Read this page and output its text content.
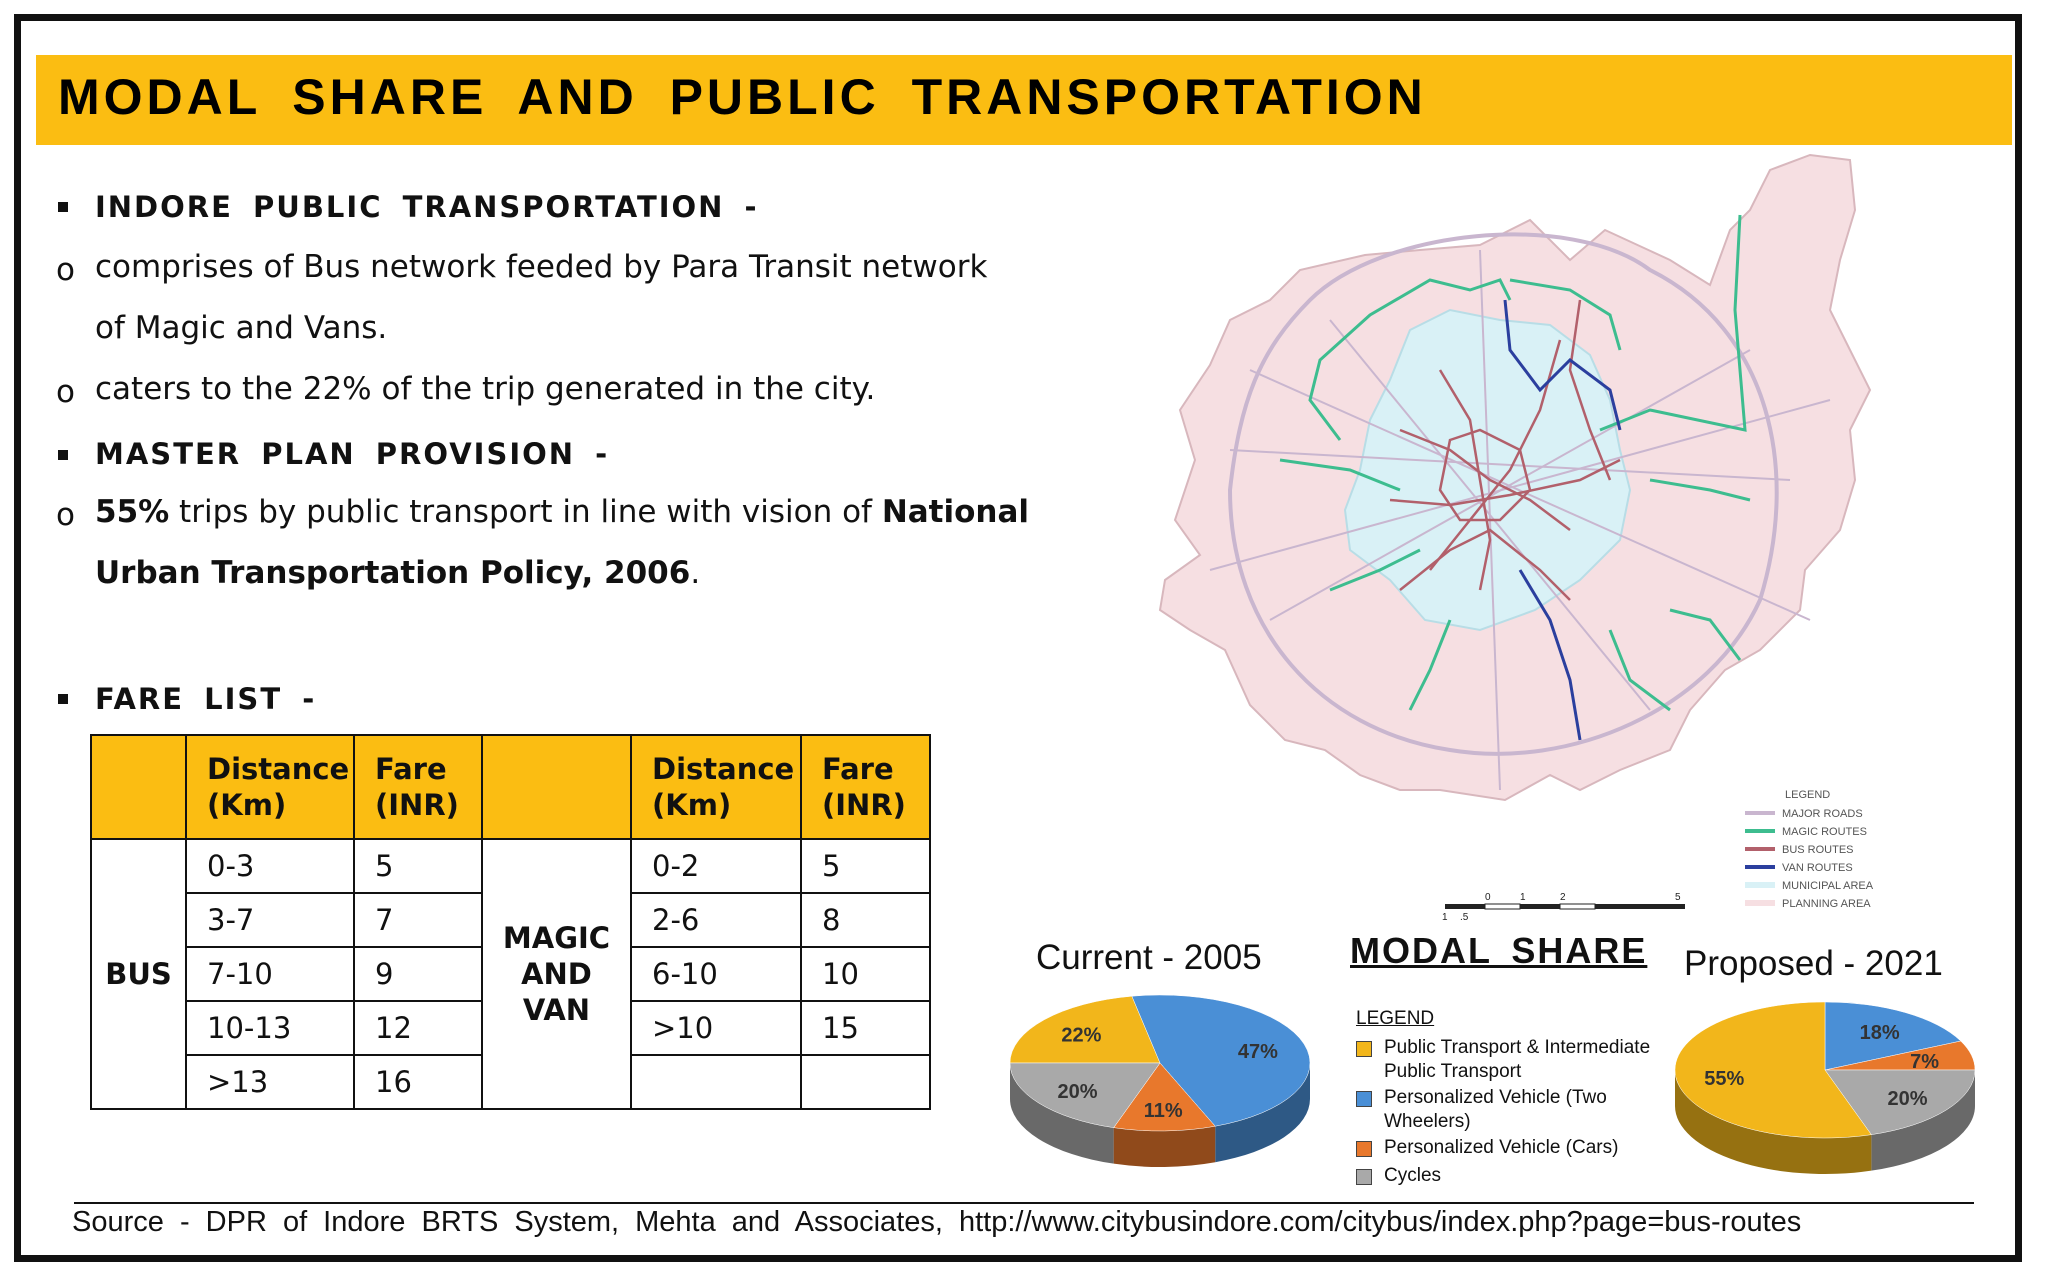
MODAL SHARE AND PUBLIC TRANSPORTATION
INDORE PUBLIC TRANSPORTATION -
o comprises of Bus network feeded by Para Transit network
of Magic and Vans.
o caters to the 22% of the trip generated in the city.
MASTER PLAN PROVISION -
o 55% trips by public transport in line with vision of National
Urban Transportation Policy, 2006.
FARE LIST -
	Distance (Km)	Fare (INR)		Distance (Km)	Fare (INR)
BUS	0-3	5	MAGIC AND VAN	0-2	5
	3-7	7		2-6	8
	7-10	9		6-10	10
	10-13	12		>10	15
	>13	16			
LEGEND
MAJOR ROADS
MAGIC ROUTES
BUS ROUTES
VAN ROUTES
MUNICIPAL AREA
PLANNING AREA
1 .5
0	1	2	5
Current - 2005	Proposed - 2021
MODAL SHARE
22%
47%
11%
20%
18%
7%
20%
55%
LEGEND
Public Transport & Intermediate Public Transport
Personalized Vehicle (Two Wheelers)
Personalized Vehicle (Cars)
Cycles
Source - DPR of Indore BRTS System, Mehta and Associates, http://www.citybusindore.com/citybus/index.php?page=bus-routes
